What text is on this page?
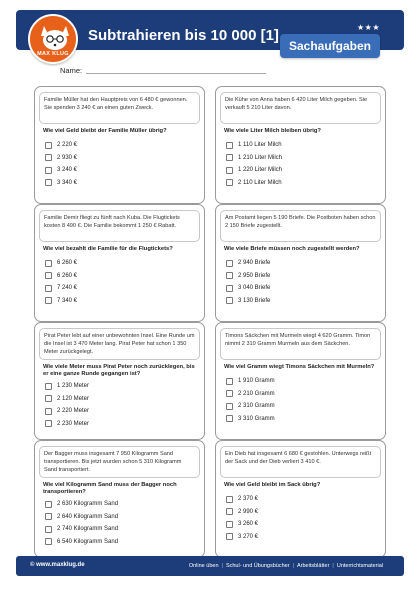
MAX KLUG
Subtrahieren bis 10 000 [1]	★★★
Sachaufgaben
Name:
Familie Müller hat den Hauptpreis von 6 480 € gewonnen. Sie spenden 3 240 € an einen guten Zweck.
Wie viel Geld bleibt der Familie Müller übrig?
2 220 €
2 930 €
3 240 €
3 340 €
Die Kühe von Anna haben 6 420 Liter Milch gegeben. Sie verkauft 5 210 Liter davon.
Wie viele Liter Milch bleiben übrig?
1 110 Liter Milch
1 210 Liter Milch
1 220 Liter Milch
2 110 Liter Milch
Familie Demir fliegt zu fünft nach Kuba. Die Flugtickets kosten 8 490 €. Die Familie bekommt 1 250 € Rabatt.
Wie viel bezahlt die Familie für die Flugtickets?
6 260 €
6 260 €
7 240 €
7 340 €
Am Postamt liegen 5 190 Briefe. Die Postboten haben schon 2 150 Briefe zugestellt.
Wie viele Briefe müssen noch zugestellt werden?
2 940 Briefe
2 950 Briefe
3 040 Briefe
3 130 Briefe
Pirat Peter lebt auf einer unbewohnten Insel. Eine Runde um die Insel ist 3 470 Meter lang. Pirat Peter hat schon 1 350 Meter zurückgelegt.
Wie viele Meter muss Pirat Peter noch zurücklegen, bis er eine ganze Runde gegangen ist?
1 230 Meter
2 120 Meter
2 220 Meter
2 230 Meter
Timons Säckchen mit Murmeln wiegt 4 620 Gramm. Timon nimmt 2 310 Gramm Murmeln aus dem Säckchen.
Wie viel Gramm wiegt Timons Säckchen mit Murmeln?
1 910 Gramm
2 210 Gramm
2 310 Gramm
3 310 Gramm
Der Bagger muss insgesamt 7 950 Kilogramm Sand transportieren. Bis jetzt wurden schon 5 310 Kilogramm Sand transportiert.
Wie viel Kilogramm Sand muss der Bagger noch transportieren?
2 630 Kilogramm Sand
2 640 Kilogramm Sand
2 740 Kilogramm Sand
6 540 Kilogramm Sand
Ein Dieb hat insgesamt 6 680 € gestohlen. Unterwegs reißt der Sack und der Dieb verliert 3 410 €.
Wie viel Geld bleibt im Sack übrig?
2 370 €
2 990 €
3 260 €
3 270 €
© www.maxklug.de	Online üben | Schul- und Übungsbücher | Arbeitsblätter | Unterrichtsmaterial
